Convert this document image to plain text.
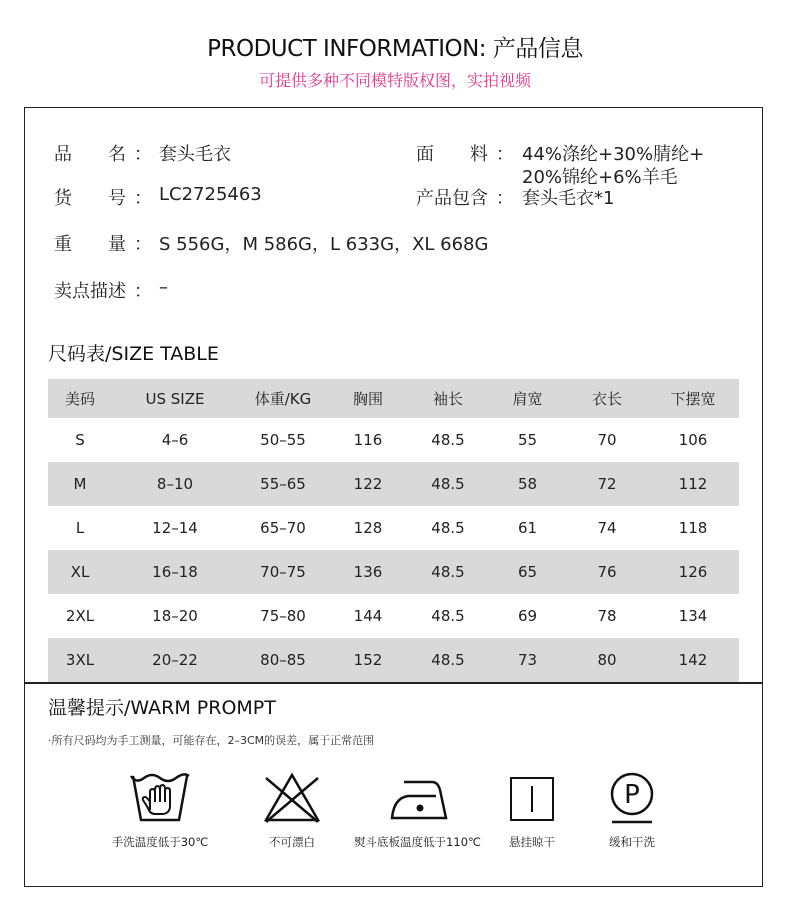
PRODUCT INFORMATION: 产品信息
可提供多种不同模特版权图，实拍视频
品　　名 ： 套头毛衣
货　　号 ： LC2725463
重　　量 ： S 556G，M 586G，L 633G，XL 668G
卖点描述 ： –
面　　料 ： 44%涤纶+30%腈纶+
20%锦纶+6%羊毛
产品包含 ： 套头毛衣*1
尺码表/SIZE TABLE
美码	US SIZE	体重/KG	胸围	袖长	肩宽	衣长	下摆宽
S	4–6	50–55	116	48.5	55	70	106
M	8–10	55–65	122	48.5	58	72	112
L	12–14	65–70	128	48.5	61	74	118
XL	16–18	70–75	136	48.5	65	76	126
2XL	18–20	75–80	144	48.5	69	78	134
3XL	20–22	80–85	152	48.5	73	80	142
温馨提示/WARM PROMPT
·所有尺码均为手工测量，可能存在，2–3CM的误差，属于正常范围
手洗温度低于30℃	不可漂白	熨斗底板温度低于110℃	悬挂晾干
P
缓和干洗
